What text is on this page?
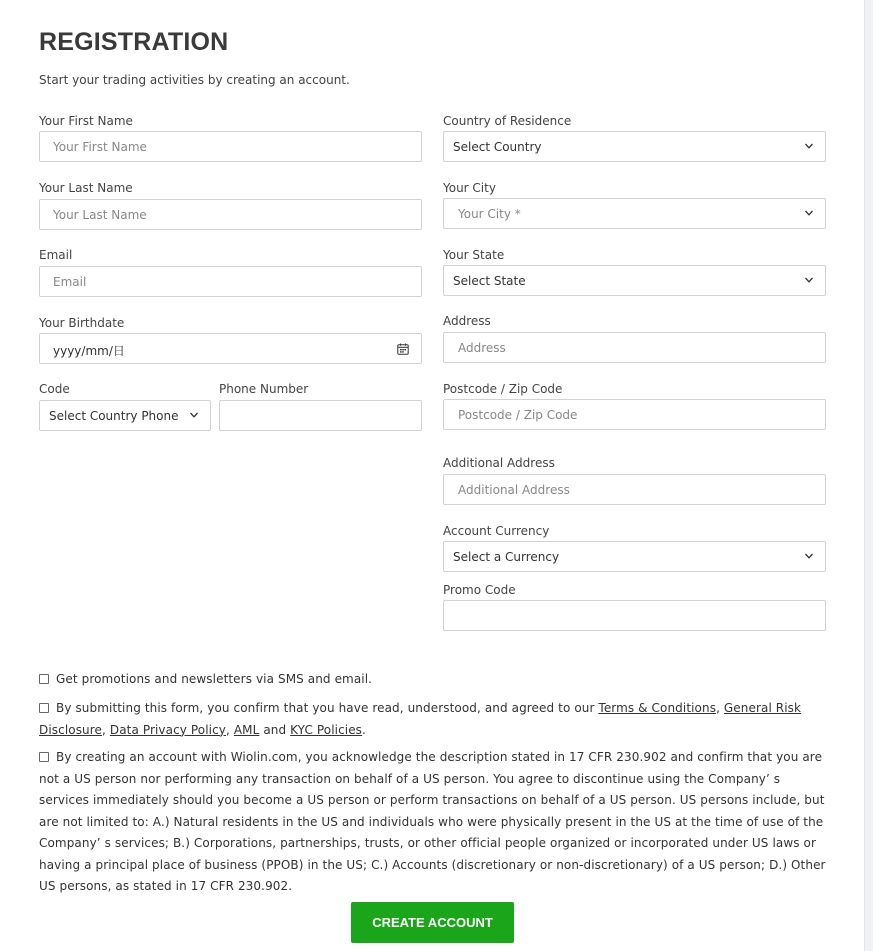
REGISTRATION
Start your trading activities by creating an account.
Your First Name
Your First Name
Your Last Name
Your Last Name
Email
Email
Your Birthdate
yyyy/mm/日
Code
Select Country Phone
Phone Number
Country of Residence
Select Country
Your City
Your City *
Your State
Select State
Address
Address
Postcode / Zip Code
Postcode / Zip Code
Additional Address
Additional Address
Account Currency
Select a Currency
Promo Code

Get promotions and newsletters via SMS and email.

By submitting this form, you confirm that you have read, understood, and agreed to our Terms & Conditions, General Risk Disclosure, Data Privacy Policy, AML and KYC Policies.

By creating an account with Wiolin.com, you acknowledge the description stated in 17 CFR 230.902 and confirm that you are not a US person nor performing any transaction on behalf of a US person. You agree to discontinue using the Company’ s services immediately should you become a US person or perform transactions on behalf of a US person. US persons include, but are not limited to: A.) Natural residents in the US and individuals who were physically present in the US at the time of use of the Company’ s services; B.) Corporations, partnerships, trusts, or other official people organized or incorporated under US laws or having a principal place of business (PPOB) in the US; C.) Accounts (discretionary or non-discretionary) of a US person; D.) Other US persons, as stated in 17 CFR 230.902.

CREATE ACCOUNT
